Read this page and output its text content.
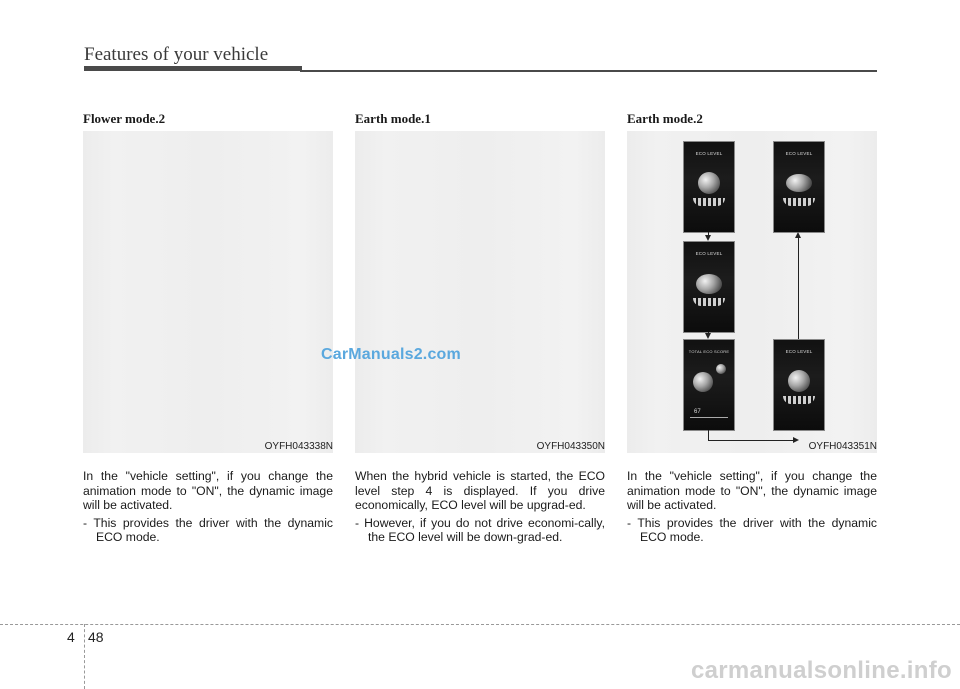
Features of your vehicle
Flower mode.2
OYFH043338N

In the "vehicle setting", if you change the animation mode to "ON", the dynamic image will be activated.

- This provides the driver with the dynamic ECO mode.

Earth mode.1
OYFH043350N

When the hybrid vehicle is started, the ECO level step 4 is displayed. If you drive economically, ECO level will be upgrad-ed.

- However, if you do not drive economi-cally, the ECO level will be down-grad-ed.

Earth mode.2
ECO LEVEL	ECO LEVEL
ECO LEVEL
TOTAL ECO SCORE
67
ECO LEVEL
OYFH043351N

In the "vehicle setting", if you change the animation mode to "ON", the dynamic image will be activated.

- This provides the driver with the dynamic ECO mode.

CarManuals2.com
4 48
carmanualsonline.info
